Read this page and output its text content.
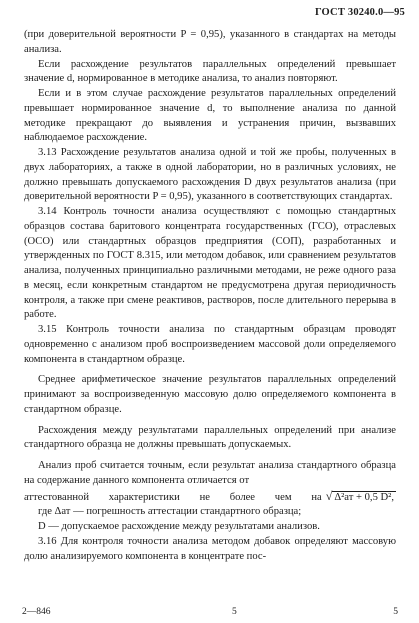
ГОСТ 30240.0—95

(при доверительной вероятности P = 0,95), указанного в стандартах на методы анализа.

Если расхождение результатов параллельных определений превышает значение d, нормированное в методике анализа, то анализ повторяют.

Если и в этом случае расхождение результатов параллельных определений превышает нормированное значение d, то выполнение анализа по данной методике прекращают до выявления и устранения причин, вызвавших наблюдаемое расхождение.

3.13 Расхождение результатов анализа одной и той же пробы, полученных в двух лабораториях, а также в одной лаборатории, но в различных условиях, не должно превышать допускаемого расхождения D двух результатов анализа (при доверительной вероятности P = 0,95), указанного в соответствующих стандартах.

3.14 Контроль точности анализа осуществляют с помощью стандартных образцов состава баритового концентрата государственных (ГСО), отраслевых (ОСО) или стандартных образцов предприятия (СОП), разработанных и утвержденных по ГОСТ 8.315, или методом добавок, или сравнением результатов анализа, полученных принципиально различными методами, не реже одного раза в месяц, если конкретным стандартом не предусмотрена другая периодичность контроля, а также при смене реактивов, растворов, после длительного перерыва в работе.

3.15 Контроль точности анализа по стандартным образцам проводят одновременно с анализом проб воспроизведением массовой доли определяемого компонента в стандартном образце.

Среднее арифметическое значение результатов параллельных определений принимают за воспроизведенную массовую долю определяемого компонента в стандартном образце.

Расхождения между результатами параллельных определений при анализе стандартного образца не должны превышать допускаемых.

Анализ проб считается точным, если результат анализа стандартного образца на содержание данного компонента отличается от

аттестованной характеристики не более чем на √ Δ²ат + 0,5 D²,

где Δат — погрешность аттестации стандартного образца;

D — допускаемое расхождение между результатами анализов.

3.16 Для контроля точности анализа методом добавок определяют массовую долю анализируемого компонента в концентрате пос-

2—846	5	5
